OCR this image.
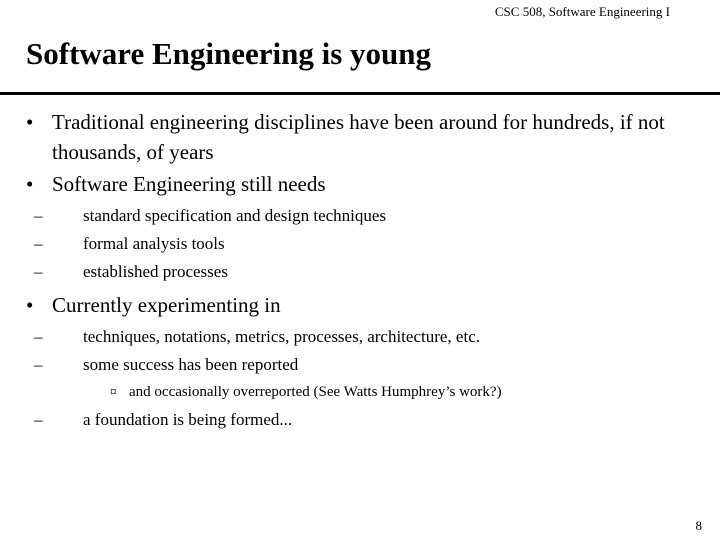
CSC 508, Software Engineering I
Software Engineering is young
• Traditional engineering disciplines have been around for hundreds, if not thousands, of years
• Software Engineering still needs
– standard specification and design techniques
– formal analysis tools
– established processes
• Currently experimenting in
– techniques, notations, metrics, processes, architecture, etc.
– some success has been reported
¤ and occasionally overreported (See Watts Humphrey’s work?)
– a foundation is being formed...
8
